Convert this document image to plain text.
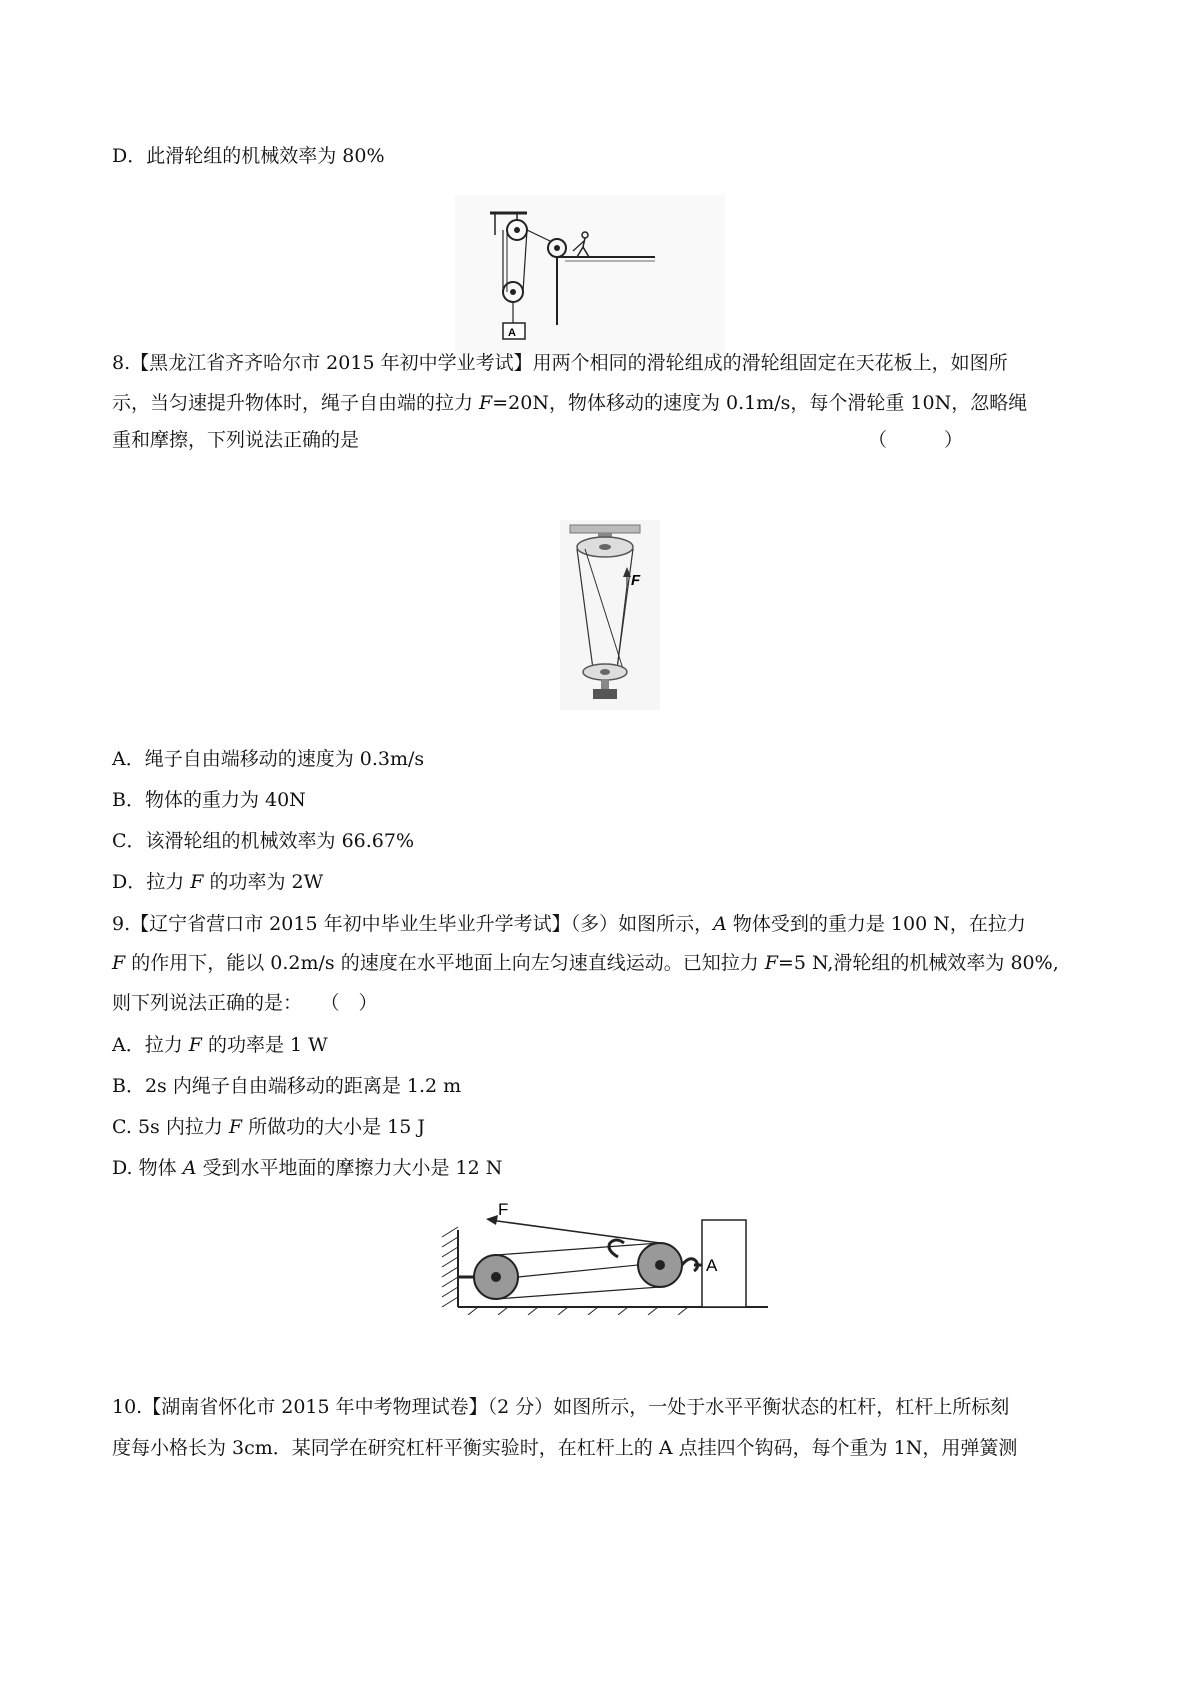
D．此滑轮组的机械效率为 80%
A
8.【黑龙江省齐齐哈尔市 2015 年初中学业考试】用两个相同的滑轮组成的滑轮组固定在天花板上，如图所
示，当匀速提升物体时，绳子自由端的拉力 F=20N，物体移动的速度为 0.1m/s，每个滑轮重 10N，忽略绳
重和摩擦，下列说法正确的是	（　　　）
F
A．绳子自由端移动的速度为 0.3m/s
B．物体的重力为 40N
C．该滑轮组的机械效率为 66.67%
D．拉力 F 的功率为 2W
9.【辽宁省营口市 2015 年初中毕业生毕业升学考试】（多）如图所示，A 物体受到的重力是 100 N，在拉力
F 的作用下，能以 0.2m/s 的速度在水平地面上向左匀速直线运动。已知拉力 F=5 N,滑轮组的机械效率为 80%,
则下列说法正确的是： （　）
A．拉力 F 的功率是 1 W
B．2s 内绳子自由端移动的距离是 1.2 m
C. 5s 内拉力 F 所做功的大小是 15 J
D. 物体 A 受到水平地面的摩擦力大小是 12 N
F
A
10.【湖南省怀化市 2015 年中考物理试卷】（2 分）如图所示，一处于水平平衡状态的杠杆，杠杆上所标刻
度每小格长为 3cm．某同学在研究杠杆平衡实验时，在杠杆上的 A 点挂四个钩码，每个重为 1N，用弹簧测
